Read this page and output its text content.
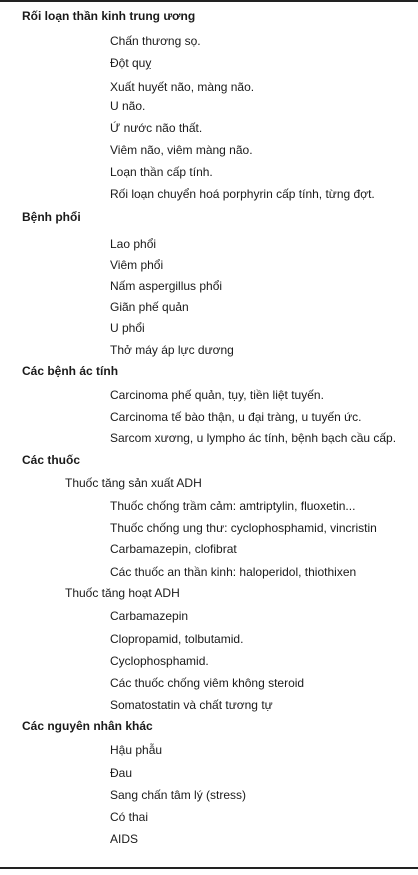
Rối loạn thần kinh trung ương
Chấn thương sọ.
Đột quỵ
Xuất huyết não, màng não.
U não.
Ứ nước não thất.
Viêm não, viêm màng não.
Loạn thần cấp tính.
Rối loạn chuyển hoá porphyrin cấp tính, từng đợt.
Bệnh phổi
Lao phổi
Viêm phổi
Nấm aspergillus phổi
Giãn phế quản
U phổi
Thở máy áp lực dương
Các bệnh ác tính
Carcinoma phế quản, tụy, tiền liệt tuyến.
Carcinoma tế bào thận, u đại tràng, u tuyến ức.
Sarcom xương, u lympho ác tính, bệnh bạch cầu cấp.
Các thuốc
Thuốc tăng sản xuất ADH
Thuốc chống trầm cảm: amtriptylin, fluoxetin...
Thuốc chống ung thư: cyclophosphamid, vincristin
Carbamazepin, clofibrat
Các thuốc an thần kinh: haloperidol, thiothixen
Thuốc tăng hoạt ADH
Carbamazepin
Clopropamid, tolbutamid.
Cyclophosphamid.
Các thuốc chống viêm không steroid
Somatostatin và chất tương tự
Các nguyên nhân khác
Hậu phẫu
Đau
Sang chấn tâm lý (stress)
Có thai
AIDS
